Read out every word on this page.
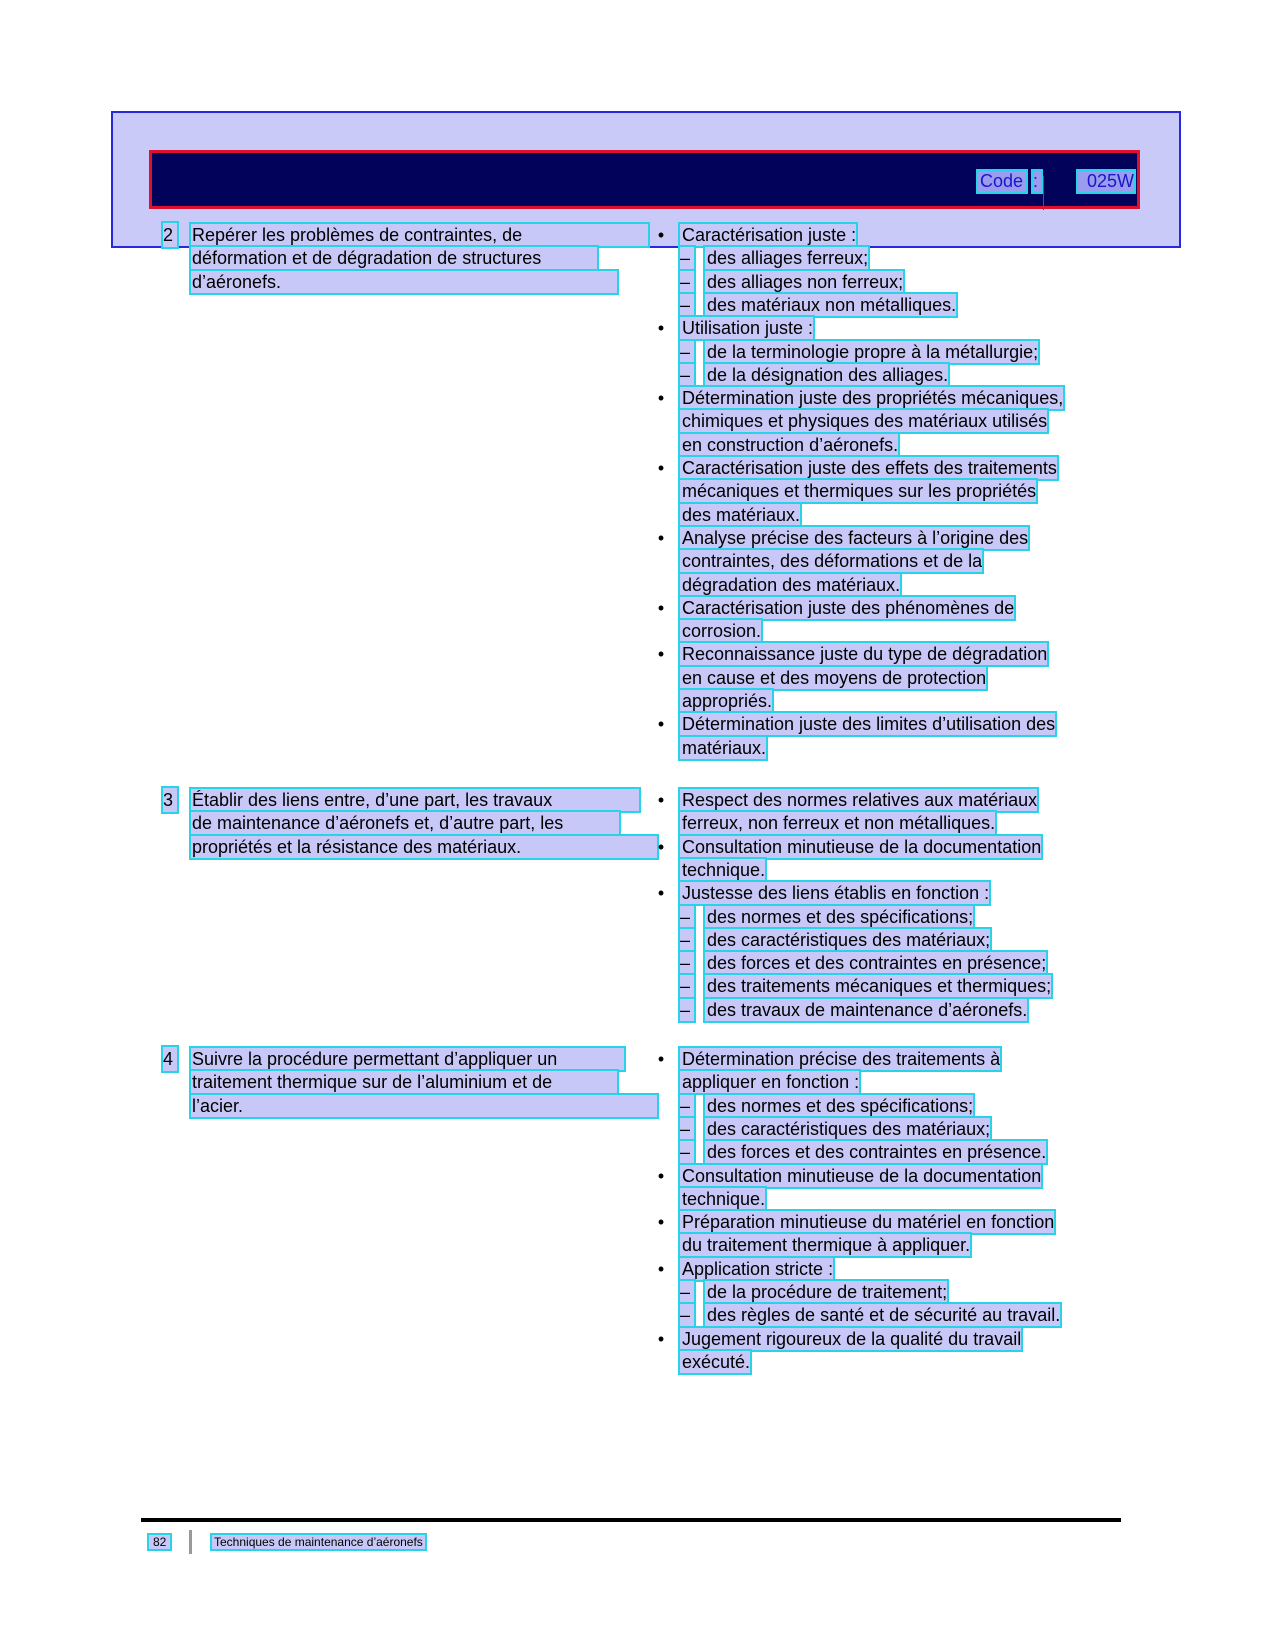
Code :	025W
2 Repérer les problèmes de contraintes, de
déformation et de dégradation de structures
d’aéronefs.
• Caractérisation juste :
– des alliages ferreux;
– des alliages non ferreux;
– des matériaux non métalliques.
• Utilisation juste :
– de la terminologie propre à la métallurgie;
– de la désignation des alliages.
• Détermination juste des propriétés mécaniques,
chimiques et physiques des matériaux utilisés
en construction d’aéronefs.
• Caractérisation juste des effets des traitements
mécaniques et thermiques sur les propriétés
des matériaux.
• Analyse précise des facteurs à l’origine des
contraintes, des déformations et de la
dégradation des matériaux.
• Caractérisation juste des phénomènes de
corrosion.
• Reconnaissance juste du type de dégradation
en cause et des moyens de protection
appropriés.
• Détermination juste des limites d’utilisation des
matériaux.
3 Établir des liens entre, d’une part, les travaux
de maintenance d’aéronefs et, d’autre part, les
propriétés et la résistance des matériaux.
• Respect des normes relatives aux matériaux
ferreux, non ferreux et non métalliques.
• Consultation minutieuse de la documentation
technique.
• Justesse des liens établis en fonction :
– des normes et des spécifications;
– des caractéristiques des matériaux;
– des forces et des contraintes en présence;
– des traitements mécaniques et thermiques;
– des travaux de maintenance d’aéronefs.
4 Suivre la procédure permettant d’appliquer un
traitement thermique sur de l’aluminium et de
l’acier.
• Détermination précise des traitements à
appliquer en fonction :
– des normes et des spécifications;
– des caractéristiques des matériaux;
– des forces et des contraintes en présence.
• Consultation minutieuse de la documentation
technique.
• Préparation minutieuse du matériel en fonction
du traitement thermique à appliquer.
• Application stricte :
– de la procédure de traitement;
– des règles de santé et de sécurité au travail.
• Jugement rigoureux de la qualité du travail
exécuté.
82	Techniques de maintenance d’aéronefs
